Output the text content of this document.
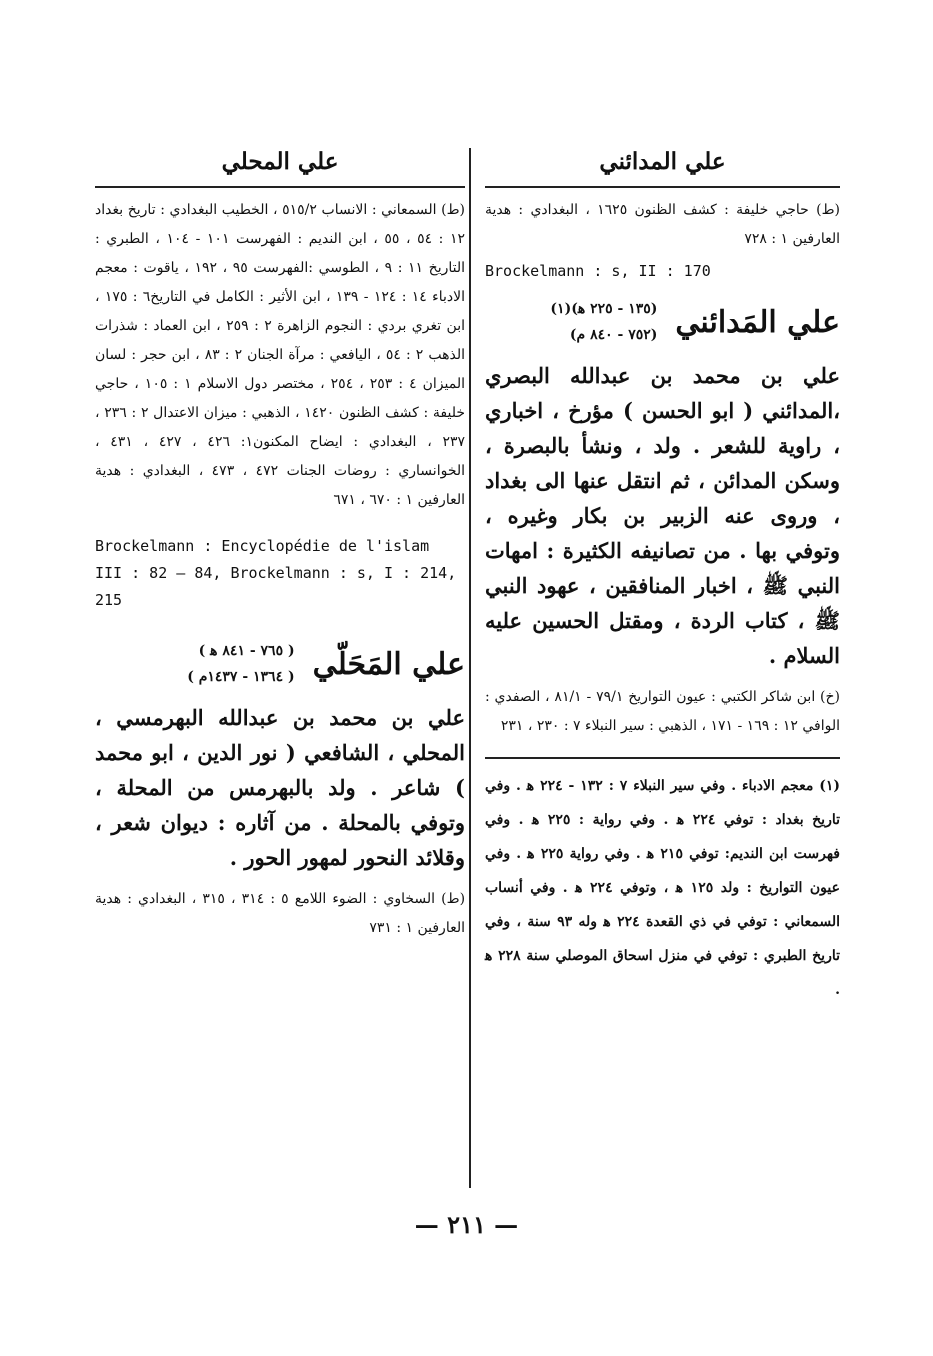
علي المدائني

(ط) حاجي خليفة : كشف الظنون ١٦٢٥ ، البغدادي : هدية العارفين ١ : ٧٢٨

Brockelmann : s, II : 170
علي المَدائني
(١٣٥ - ٢٢٥ ﻫ)(١)
(٧٥٢ - ٨٤٠ م)

علي بن محمد بن عبدالله البصري ،المدائني ( ابو الحسن ) مؤرخ ، اخباري ، راوية للشعر . ولد ، ونشأ بالبصرة ، وسكن المدائن ، ثم انتقل عنها الى بغداد ، وروى عنه الزبير بن بكار وغيره ، وتوفي بها . من تصانيفه الكثيرة : امهات النبي ﷺ ، اخبار المنافقين ، عهود النبي ﷺ ، كتاب الردة ، ومقتل الحسين عليه السلام .

(خ) ابن شاكر الكتبي : عيون التواريخ ٧٩/١ - ٨١/١ ، الصفدي : الوافي ١٢ : ١٦٩ - ١٧١ ، الذهبي : سير النبلاء ٧ : ٢٣٠ ، ٢٣١

(١) معجم الادباء . وفي سير النبلاء ٧ : ١٣٢ - ٢٢٤ ﻫ . وفي تاريخ بغداد : توفي ٢٢٤ ﻫ . وفي رواية : ٢٢٥ ﻫ . وفي فهرست ابن النديم: توفي ٢١٥ ﻫ . وفي رواية ٢٢٥ ﻫ . وفي عيون التواريخ : ولد ١٢٥ ﻫ ، وتوفي ٢٢٤ ﻫ . وفي أنساب السمعاني : توفي في ذي القعدة ٢٢٤ ﻫ وله ٩٣ سنة ، وفي تاريخ الطبري : توفي في منزل اسحاق الموصلي سنة ٢٢٨ ﻫ .

علي المحلي

(ط) السمعاني : الانساب ٥١٥/٢ ، الخطيب البغدادي : تاريخ بغداد ١٢ : ٥٤ ، ٥٥ ، ابن النديم : الفهرست ١٠١ - ١٠٤ ، الطبري : التاريخ ١١ : ٩ ، الطوسي :الفهرست ٩٥ ، ١٩٢ ، ياقوت : معجم الادباء ١٤ : ١٢٤ - ١٣٩ ، ابن الأثير : الكامل في التاريخ٦ : ١٧٥ ، ابن تغري بردي : النجوم الزاهرة ٢ : ٢٥٩ ، ابن العماد : شذرات الذهب ٢ : ٥٤ ، اليافعي : مرآة الجنان ٢ : ٨٣ ، ابن حجر : لسان الميزان ٤ : ٢٥٣ ، ٢٥٤ ، مختصر دول الاسلام ١ : ١٠٥ ، حاجي خليفة : كشف الظنون ١٤٢٠ ، الذهبي : ميزان الاعتدال ٢ : ٢٣٦ ، ٢٣٧ ، البغدادي : ايضاح المكنون١: ٤٢٦ ، ٤٢٧ ، ٤٣١ ، الخوانساري : روضات الجنات ٤٧٢ ، ٤٧٣ ، البغدادي : هدية العارفين ١ : ٦٧٠ ، ٦٧١

Brockelmann : Encyclopédie de l'islam III : 82 — 84, Brockelmann : s, I : 214, 215
علي المَحَلّي
( ٧٦٥ - ٨٤١ ﻫ )
( ١٣٦٤ - ١٤٣٧م )

علي بن محمد بن عبدالله البهرمسي ، المحلي ، الشافعي ( نور الدين ، ابو محمد ) شاعر . ولد بالبهرمس من المحلة ، وتوفي بالمحلة . من آثاره : ديوان شعر ، وقلائد النحور لمهور الحور .

(ط) السخاوي : الضوء اللامع ٥ : ٣١٤ ، ٣١٥ ، البغدادي : هدية العارفين ١ : ٧٣١

— ٢١١ —
